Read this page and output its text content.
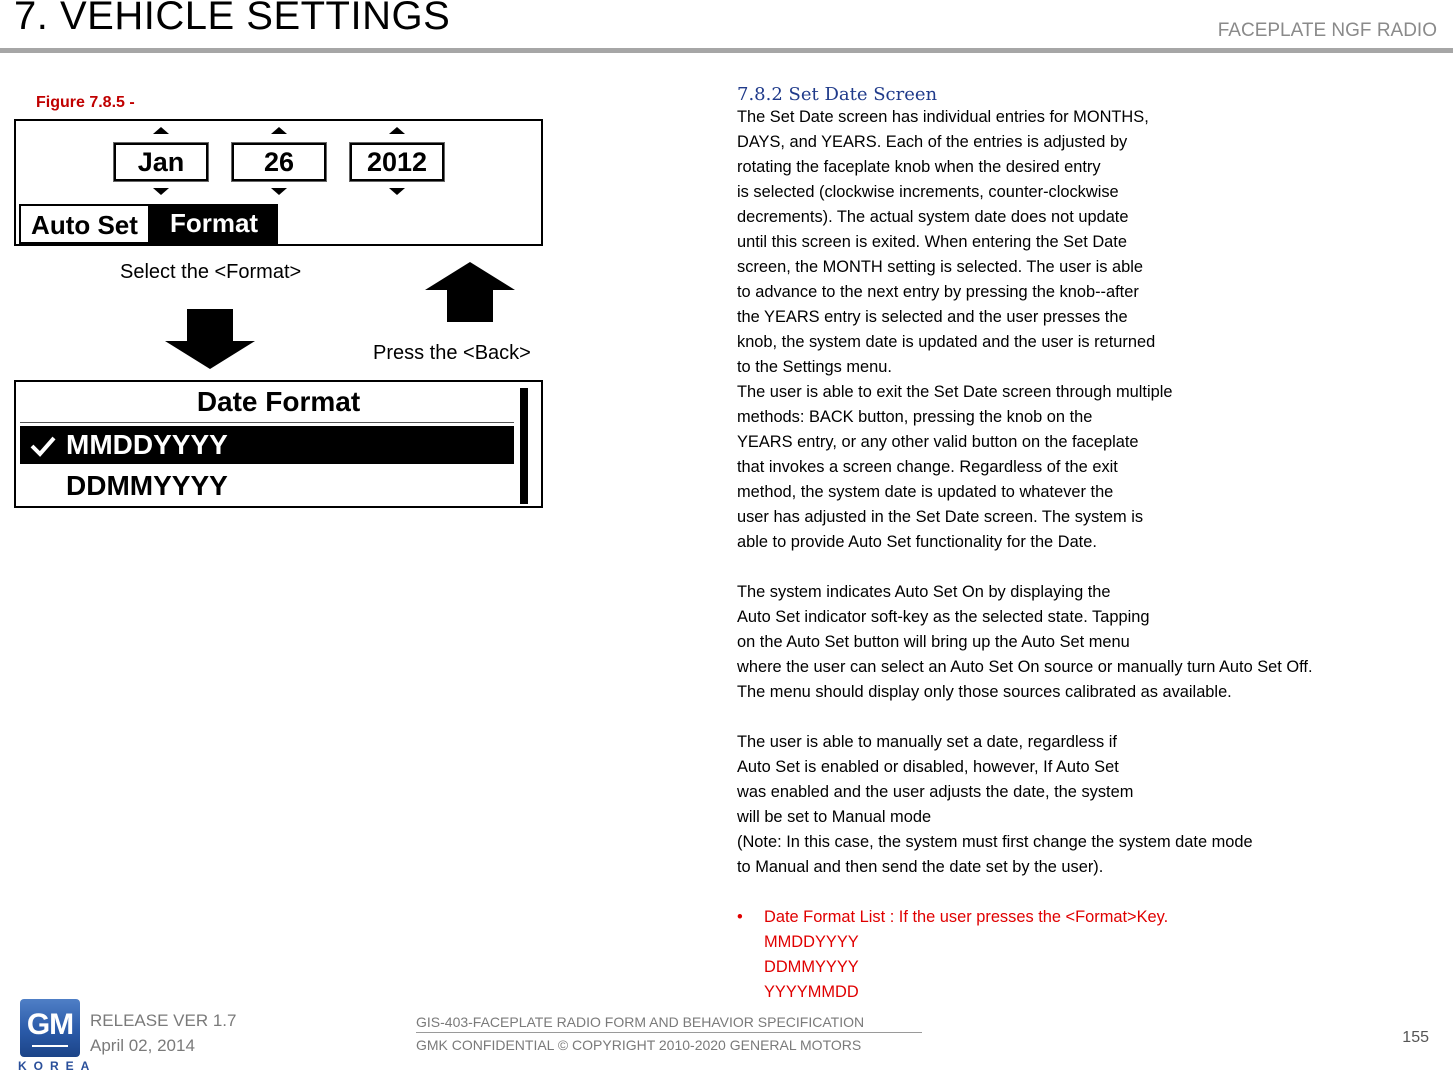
7. VEHICLE SETTINGS	FACEPLATE NGF RADIO
Figure 7.8.5 -
Jan	26	2012
Auto Set	Format
Select the <Format>
Press the <Back>
Date Format
MMDDYYYY
DDMMYYYY
7.8.2 Set Date Screen
The Set Date screen has individual entries for MONTHS,
DAYS, and YEARS. Each of the entries is adjusted by
rotating the faceplate knob when the desired entry
is selected (clockwise increments, counter-clockwise
decrements). The actual system date does not update
until this screen is exited. When entering the Set Date
screen, the MONTH setting is selected. The user is able
to advance to the next entry by pressing the knob--after
the YEARS entry is selected and the user presses the
knob, the system date is updated and the user is returned
to the Settings menu.
The user is able to exit the Set Date screen through multiple
methods: BACK button, pressing the knob on the
YEARS entry, or any other valid button on the faceplate
that invokes a screen change. Regardless of the exit
method, the system date is updated to whatever the
user has adjusted in the Set Date screen. The system is
able to provide Auto Set functionality for the Date.
The system indicates Auto Set On by displaying the
Auto Set indicator soft-key as the selected state. Tapping
on the Auto Set button will bring up the Auto Set menu
where the user can select an Auto Set On source or manually turn Auto Set Off.
The menu should display only those sources calibrated as available.
The user is able to manually set a date, regardless if
Auto Set is enabled or disabled, however, If Auto Set
was enabled and the user adjusts the date, the system
will be set to Manual mode
(Note: In this case, the system must first change the system date mode
to Manual and then send the date set by the user).
• Date Format List : If the user presses the <Format>Key.
MMDDYYYY
DDMMYYYY
YYYYMMDD
GM
KOREA
RELEASE VER 1.7
April 02, 2014
GIS-403-FACEPLATE RADIO FORM AND BEHAVIOR SPECIFICATION
GMK CONFIDENTIAL © COPYRIGHT 2010-2020 GENERAL MOTORS	155
